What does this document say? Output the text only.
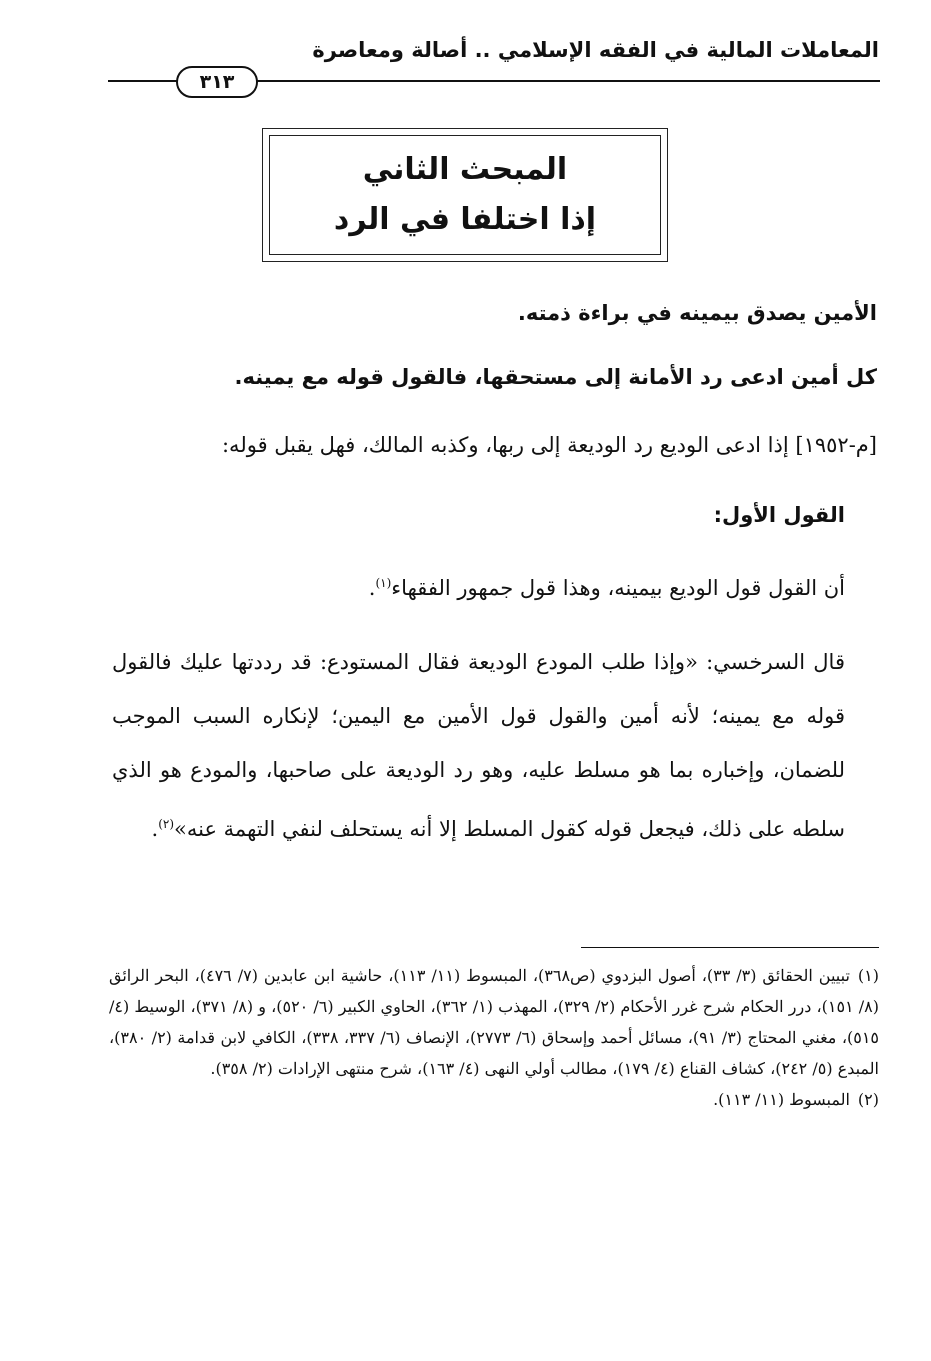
المعاملات المالية في الفقه الإسلامي .. أصالة ومعاصرة
٣١٣
المبحث الثاني
إذا اختلفا في الرد

الأمين يصدق بيمينه في براءة ذمته.

كل أمين ادعى رد الأمانة إلى مستحقها، فالقول قوله مع يمينه.

[م-١٩٥٢] إذا ادعى الوديع رد الوديعة إلى ربها، وكذبه المالك، فهل يقبل قوله:

القول الأول:

أن القول قول الوديع بيمينه، وهذا قول جمهور الفقهاء$^{(١)}$.

قال السرخسي: «وإذا طلب المودع الوديعة فقال المستودع: قد رددتها عليك فالقول قوله مع يمينه؛ لأنه أمين والقول قول الأمين مع اليمين؛ لإنكاره السبب الموجب للضمان، وإخباره بما هو مسلط عليه، وهو رد الوديعة على صاحبها، والمودع هو الذي سلطه على ذلك، فيجعل قوله كقول المسلط إلا أنه يستحلف لنفي التهمة عنه»$^{(٢)}$.

(١)تبيين الحقائق (٣/ ٣٣)، أصول البزدوي (ص٣٦٨)، المبسوط (١١/ ١١٣)، حاشية ابن عابدين (٧/ ٤٧٦)، البحر الرائق (٨/ ١٥١)، درر الحكام شرح غرر الأحكام (٢/ ٣٢٩)، المهذب (١/ ٣٦٢)، الحاوي الكبير (٦/ ٥٢٠)، و (٨/ ٣٧١)، الوسيط (٤/ ٥١٥)، مغني المحتاج (٣/ ٩١)، مسائل أحمد وإسحاق (٦/ ٢٧٧٣)، الإنصاف (٦/ ٣٣٧، ٣٣٨)، الكافي لابن قدامة (٢/ ٣٨٠)، المبدع (٥/ ٢٤٢)، كشاف القناع (٤/ ١٧٩)، مطالب أولي النهى (٤/ ١٦٣)، شرح منتهى الإرادات (٢/ ٣٥٨).

(٢)المبسوط (١١/ ١١٣).
